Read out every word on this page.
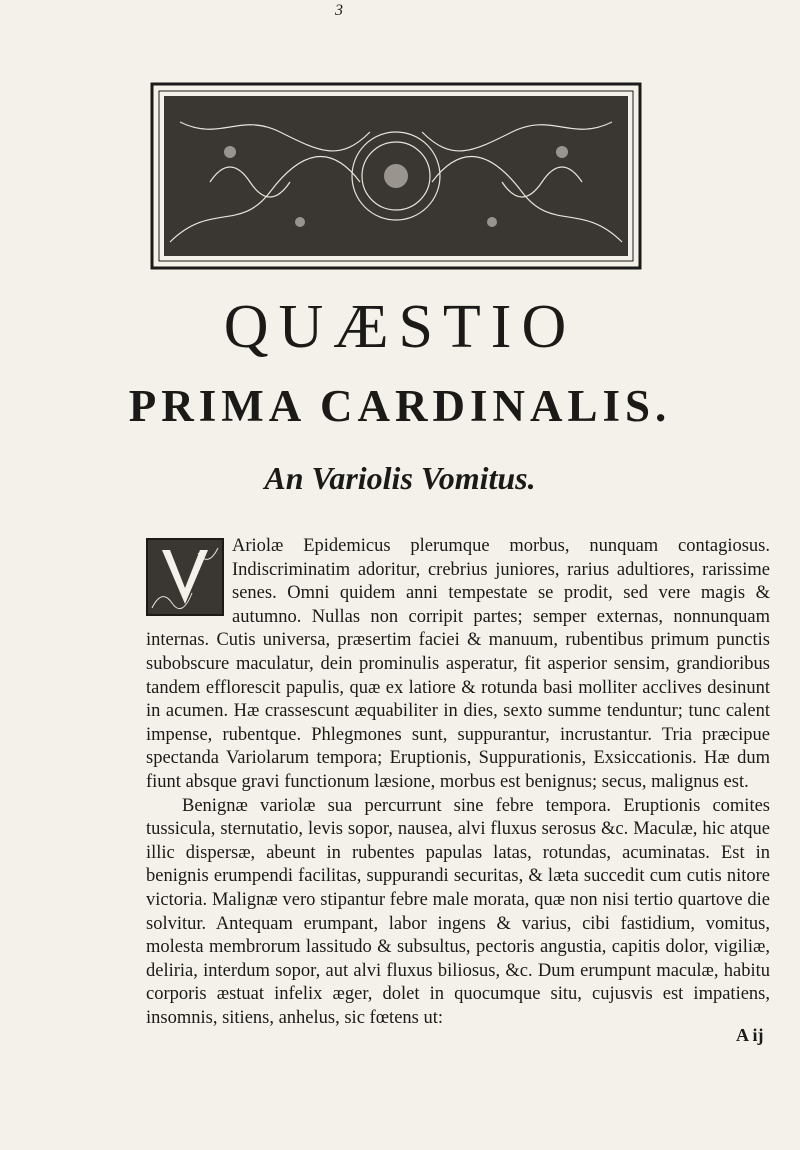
3
QUÆSTIO
PRIMA CARDINALIS.
An Variolis Vomitus.

Ariolæ Epidemicus plerumque morbus, nunquam contagiosus. Indiscriminatim adoritur, crebrius juniores, rarius adultiores, rarissime senes. Omni quidem anni tempestate se prodit, sed vere magis & autumno. Nullas non corripit partes; semper externas, nonnunquam internas. Cutis universa, præsertim faciei & manuum, rubentibus primum punctis subobscure maculatur, dein prominulis asperatur, fit asperior sensim, grandioribus tandem efflorescit papulis, quæ ex latiore & rotunda basi molliter acclives desinunt in acumen. Hæ crassescunt æquabiliter in dies, sexto summe tenduntur; tunc calent impense, rubentque. Phlegmones sunt, suppurantur, incrustantur. Tria præcipue spectanda Variolarum tempora; Eruptionis, Suppurationis, Exsiccationis. Hæ dum fiunt absque gravi functionum læsione, morbus est benignus; secus, malignus est.

Benignæ variolæ sua percurrunt sine febre tempora. Eruptionis comites tussicula, sternutatio, levis sopor, nausea, alvi fluxus serosus &c. Maculæ, hic atque illic dispersæ, abeunt in rubentes papulas latas, rotundas, acuminatas. Est in benignis erumpendi facilitas, suppurandi securitas, & læta succedit cum cutis nitore victoria. Malignæ vero stipantur febre male morata, quæ non nisi tertio quartove die solvitur. Antequam erumpant, labor ingens & varius, cibi fastidium, vomitus, molesta membrorum lassitudo & subsultus, pectoris angustia, capitis dolor, vigiliæ, deliria, interdum sopor, aut alvi fluxus biliosus, &c. Dum erumpunt maculæ, habitu corporis æstuat infelix æger, dolet in quocumque situ, cujusvis est impatiens, insomnis, sitiens, anhelus, sic fœtens ut:

A ij
